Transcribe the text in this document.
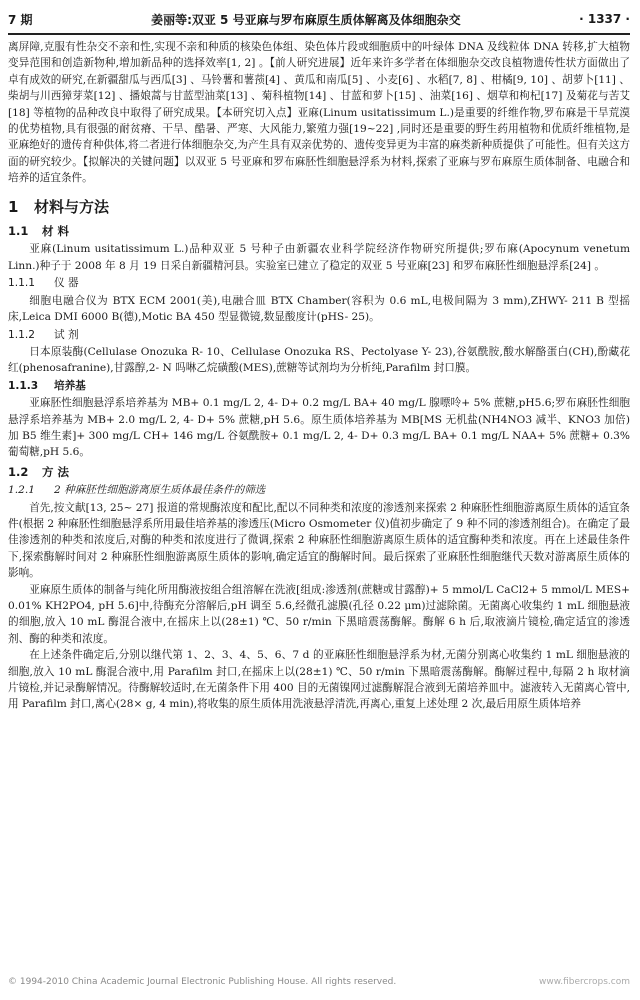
7 期	姜丽等:双亚 5 号亚麻与罗布麻原生质体解离及体细胞杂交	· 1337 ·

离屏障,克服有性杂交不亲和性,实现不亲和种质的核染色体组、染色体片段或细胞质中的叶绿体 DNA 及线粒体 DNA 转移,扩大植物变异范围和创造新物种,增加新品种的选择效率[1, 2] 。【前人研究进展】近年来许多学者在体细胞杂交改良植物遗传性状方面做出了卓有成效的研究,在新疆甜瓜与西瓜[3] 、马铃薯和薯蓣[4] 、黄瓜和南瓜[5] 、小麦[6] 、水稻[7, 8] 、柑橘[9, 10] 、胡萝卜[11] 、柴胡与川西獐芽菜[12] 、播娘蒿与甘蓝型油菜[13] 、菊科植物[14] 、甘蓝和萝卜[15] 、油菜[16] 、烟草和枸杞[17] 及菊花与苦艾[18] 等植物的品种改良中取得了研究成果。【本研究切入点】亚麻(Linum usitatissimum L.)是重要的纤维作物,罗布麻是干旱荒漠的优势植物,具有很强的耐贫瘠、干旱、酷暑、严寒、大风能力,繁殖力强[19~22] ,同时还是重要的野生药用植物和优质纤维植物,是亚麻绝好的遗传育种供体,将二者进行体细胞杂交,为产生具有双亲优势的、遗传变异更为丰富的麻类新种质提供了可能性。但有关这方面的研究较少。【拟解决的关键问题】以双亚 5 号亚麻和罗布麻胚性细胞悬浮系为材料,探索了亚麻与罗布麻原生质体制备、电融合和培养的适宜条件。

1 材料与方法
1.1 材 料

亚麻(Linum usitatissimum L.)品种双亚 5 号种子由新疆农业科学院经济作物研究所提供;罗布麻(Apocynum venetum Linn.)种子于 2008 年 8 月 19 日采自新疆精河县。实验室已建立了稳定的双亚 5 号亚麻[23] 和罗布麻胚性细胞悬浮系[24] 。

1.1.1 仪 器

细胞电融合仪为 BTX ECM 2001(美),电融合皿 BTX Chamber(容积为 0.6 mL,电极间隔为 3 mm),ZHWY- 211 B 型摇床,Leica DMI 6000 B(德),Motic BA 450 型显微镜,数显酸度计(pHS- 25)。

1.1.2 试 剂

日本原装酶(Cellulase Onozuka R- 10、Cellulase Onozuka RS、Pectolyase Y- 23),谷氨酰胺,酸水解酪蛋白(CH),酚藏花红(phenosafranine),甘露醇,2- N 吗啉乙烷磺酸(MES),蔗糖等试剂均为分析纯,Parafilm 封口膜。

1.1.3 培养基

亚麻胚性细胞悬浮系培养基为 MB+ 0.1 mg/L 2, 4- D+ 0.2 mg/L BA+ 40 mg/L 腺嘌呤+ 5% 蔗糖,pH5.6;罗布麻胚性细胞悬浮系培养基为 MB+ 2.0 mg/L 2, 4- D+ 5% 蔗糖,pH 5.6。原生质体培养基为 MB[MS 无机盐(NH4NO3 减半、KNO3 加倍)加 B5 维生素]+ 300 mg/L CH+ 146 mg/L 谷氨酰胺+ 0.1 mg/L 2, 4- D+ 0.3 mg/L BA+ 0.1 mg/L NAA+ 5% 蔗糖+ 0.3% 葡萄糖,pH 5.6。

1.2 方 法
1.2.1 2 种麻胚性细胞游离原生质体最佳条件的筛选

首先,按文献[13, 25~ 27] 报道的常规酶浓度和配比,配以不同种类和浓度的渗透剂来探索 2 种麻胚性细胞游离原生质体的适宜条件(根据 2 种麻胚性细胞悬浮系所用最佳培养基的渗透压(Micro Osmometer 仪)值初步确定了 9 种不同的渗透剂组合)。在确定了最佳渗透剂的种类和浓度后,对酶的种类和浓度进行了微调,探索 2 种麻胚性细胞游离原生质体的适宜酶种类和浓度。再在上述最佳条件下,探索酶解时间对 2 种麻胚性细胞游离原生质体的影响,确定适宜的酶解时间。最后探索了亚麻胚性细胞继代天数对游离原生质体的影响。

亚麻原生质体的制备与纯化所用酶液按组合组溶解在洗液[组成:渗透剂(蔗糖或甘露醇)+ 5 mmol/L CaCl2+ 5 mmol/L MES+ 0.01% KH2PO4, pH 5.6]中,待酶充分溶解后,pH 调至 5.6,经微孔滤膜(孔径 0.22 μm)过滤除菌。无菌离心收集约 1 mL 细胞悬液的细胞,放入 10 mL 酶混合液中,在摇床上以(28±1) ℃、50 r/min 下黑暗震荡酶解。酶解 6 h 后,取液滴片镜检,确定适宜的渗透剂、酶的种类和浓度。

在上述条件确定后,分别以继代第 1、2、3、4、5、6、7 d 的亚麻胚性细胞悬浮系为材,无菌分别离心收集约 1 mL 细胞悬液的细胞,放入 10 mL 酶混合液中,用 Parafilm 封口,在摇床上以(28±1) ℃、50 r/min 下黑暗震荡酶解。酶解过程中,每隔 2 h 取材滴片镜检,并记录酶解情况。待酶解较适时,在无菌条件下用 400 目的无菌镍网过滤酶解混合液到无菌培养皿中。滤液转入无菌离心管中,用 Parafilm 封口,离心(28× g, 4 min),将收集的原生质体用洗液悬浮清洗,再离心,重复上述处理 2 次,最后用原生质体培养

© 1994-2010 China Academic Journal Electronic Publishing House. All rights reserved.	www.fibercrops.com
